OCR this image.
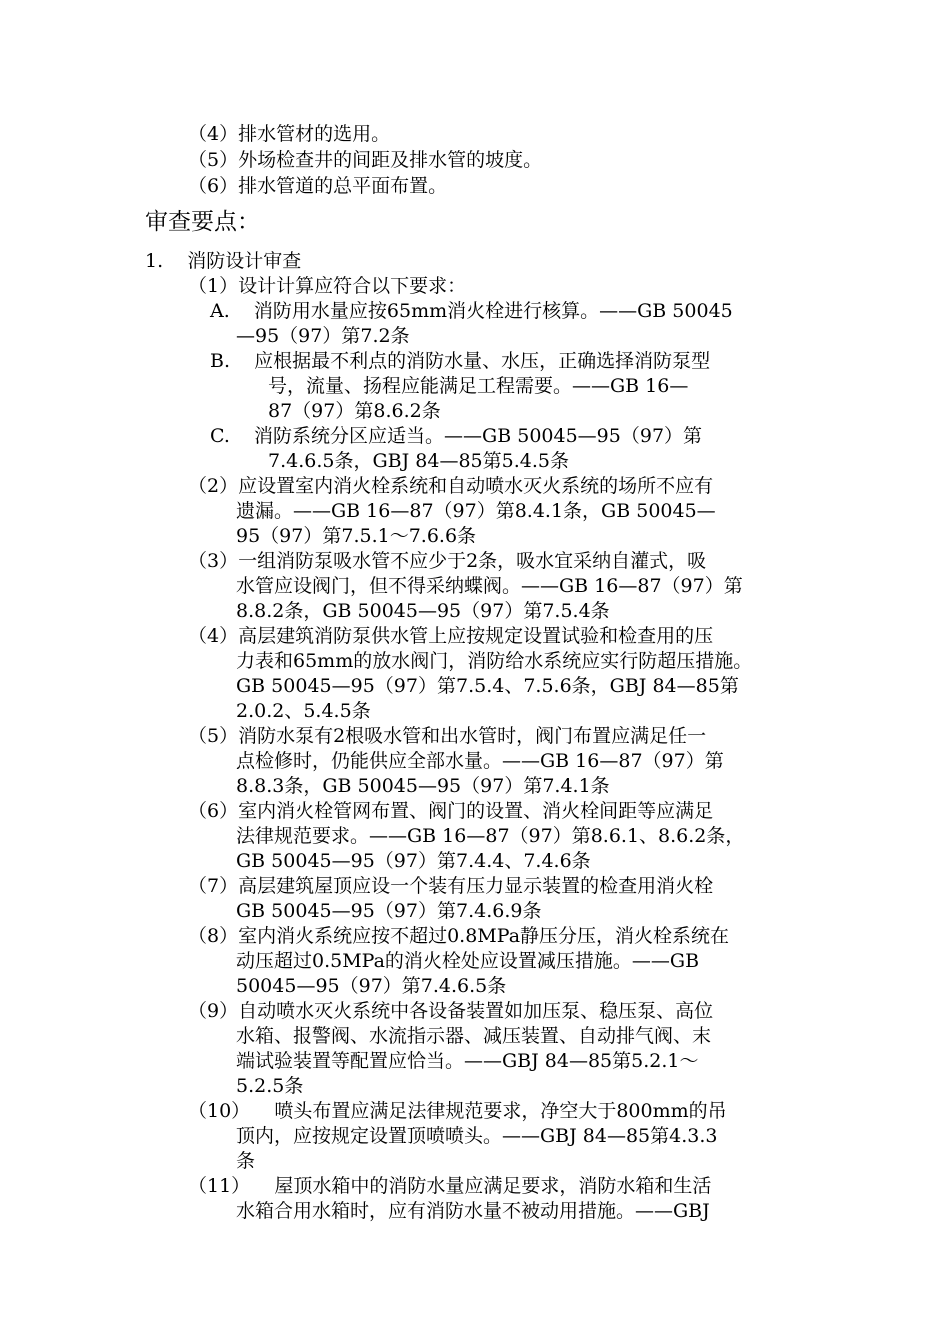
（4）排水管材的选用。
（5）外场检查井的间距及排水管的坡度。
（6）排水管道的总平面布置。
审查要点：
1.    消防设计审查
（1）设计计算应符合以下要求：
A.    消防用水量应按65mm消火栓进行核算。——GB 50045
—95（97）第7.2条
B.    应根据最不利点的消防水量、水压，正确选择消防泵型
号，流量、扬程应能满足工程需要。——GB 16—
87（97）第8.6.2条
C.    消防系统分区应适当。——GB 50045—95（97）第
7.4.6.5条，GBJ 84—85第5.4.5条
（2）应设置室内消火栓系统和自动喷水灭火系统的场所不应有
遗漏。——GB 16—87（97）第8.4.1条，GB 50045—
95（97）第7.5.1～7.6.6条
（3）一组消防泵吸水管不应少于2条，吸水宜采纳自灌式，吸
水管应设阀门，但不得采纳蝶阀。——GB 16—87（97）第
8.8.2条，GB 50045—95（97）第7.5.4条
（4）高层建筑消防泵供水管上应按规定设置试验和检查用的压
力表和65mm的放水阀门，消防给水系统应实行防超压措施。
GB 50045—95（97）第7.5.4、7.5.6条，GBJ 84—85第
2.0.2、5.4.5条
（5）消防水泵有2根吸水管和出水管时，阀门布置应满足任一
点检修时，仍能供应全部水量。——GB 16—87（97）第
8.8.3条，GB 50045—95（97）第7.4.1条
（6）室内消火栓管网布置、阀门的设置、消火栓间距等应满足
法律规范要求。——GB 16—87（97）第8.6.1、8.6.2条，
GB 50045—95（97）第7.4.4、7.4.6条
（7）高层建筑屋顶应设一个装有压力显示装置的检查用消火栓
GB 50045—95（97）第7.4.6.9条
（8）室内消火系统应按不超过0.8MPa静压分压，消火栓系统在
动压超过0.5MPa的消火栓处应设置减压措施。——GB
50045—95（97）第7.4.6.5条
（9）自动喷水灭火系统中各设备装置如加压泵、稳压泵、高位
水箱、报警阀、水流指示器、减压装置、自动排气阀、末
端试验装置等配置应恰当。——GBJ 84—85第5.2.1～
5.2.5条
（10）    喷头布置应满足法律规范要求，净空大于800mm的吊
顶内，应按规定设置顶喷喷头。——GBJ 84—85第4.3.3
条
（11）    屋顶水箱中的消防水量应满足要求，消防水箱和生活
水箱合用水箱时，应有消防水量不被动用措施。——GBJ
